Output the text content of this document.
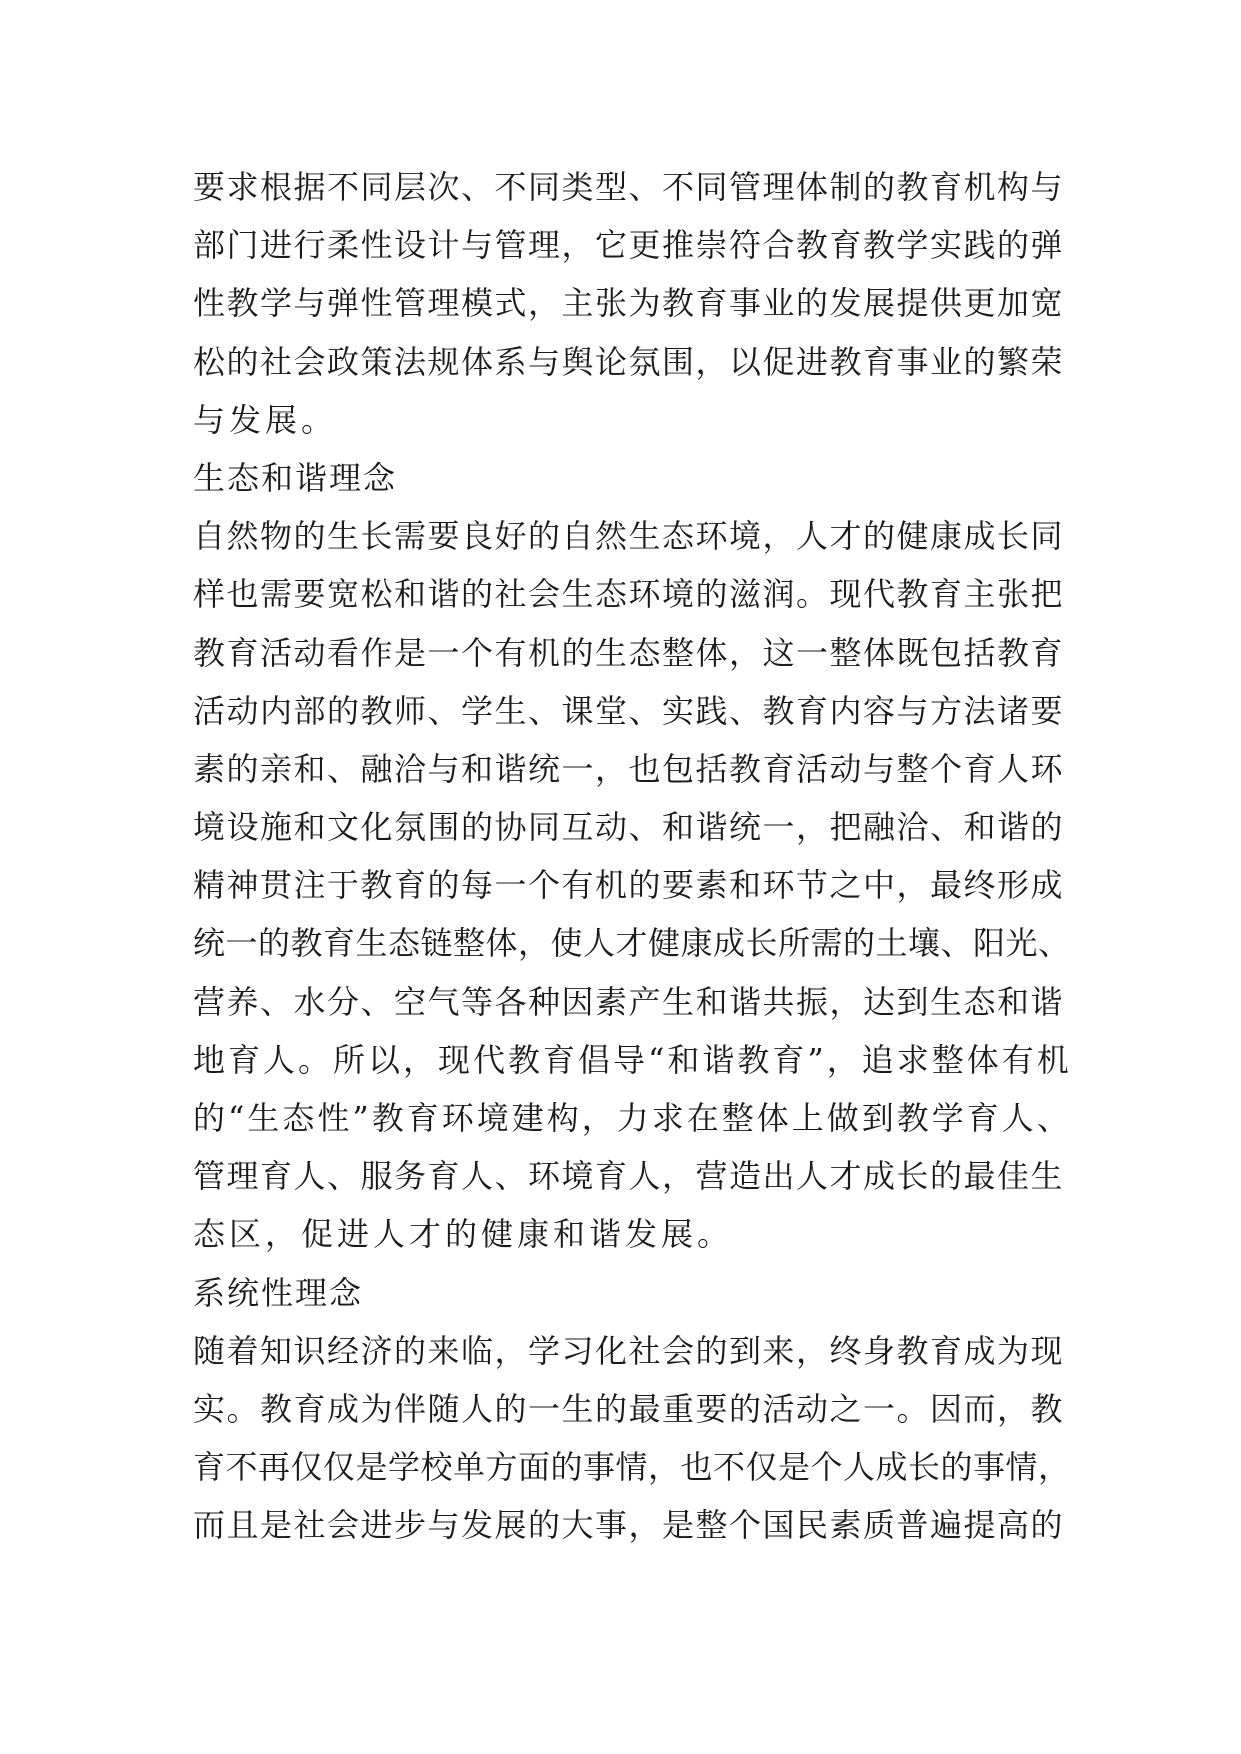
要求根据不同层次、不同类型、不同管理体制的教育机构与
部门进行柔性设计与管理，它更推崇符合教育教学实践的弹
性教学与弹性管理模式，主张为教育事业的发展提供更加宽
松的社会政策法规体系与舆论氛围，以促进教育事业的繁荣
与发展。
生态和谐理念
自然物的生长需要良好的自然生态环境，人才的健康成长同
样也需要宽松和谐的社会生态环境的滋润。现代教育主张把
教育活动看作是一个有机的生态整体，这一整体既包括教育
活动内部的教师、学生、课堂、实践、教育内容与方法诸要
素的亲和、融洽与和谐统一，也包括教育活动与整个育人环
境设施和文化氛围的协同互动、和谐统一，把融洽、和谐的
精神贯注于教育的每一个有机的要素和环节之中，最终形成
统一的教育生态链整体，使人才健康成长所需的土壤、阳光、
营养、水分、空气等各种因素产生和谐共振，达到生态和谐
地育人。所以，现代教育倡导“和谐教育”，追求整体有机
的“生态性”教育环境建构，力求在整体上做到教学育人、
管理育人、服务育人、环境育人，营造出人才成长的最佳生
态区，促进人才的健康和谐发展。
系统性理念
随着知识经济的来临，学习化社会的到来，终身教育成为现
实。教育成为伴随人的一生的最重要的活动之一。因而，教
育不再仅仅是学校单方面的事情，也不仅是个人成长的事情，
而且是社会进步与发展的大事，是整个国民素质普遍提高的
